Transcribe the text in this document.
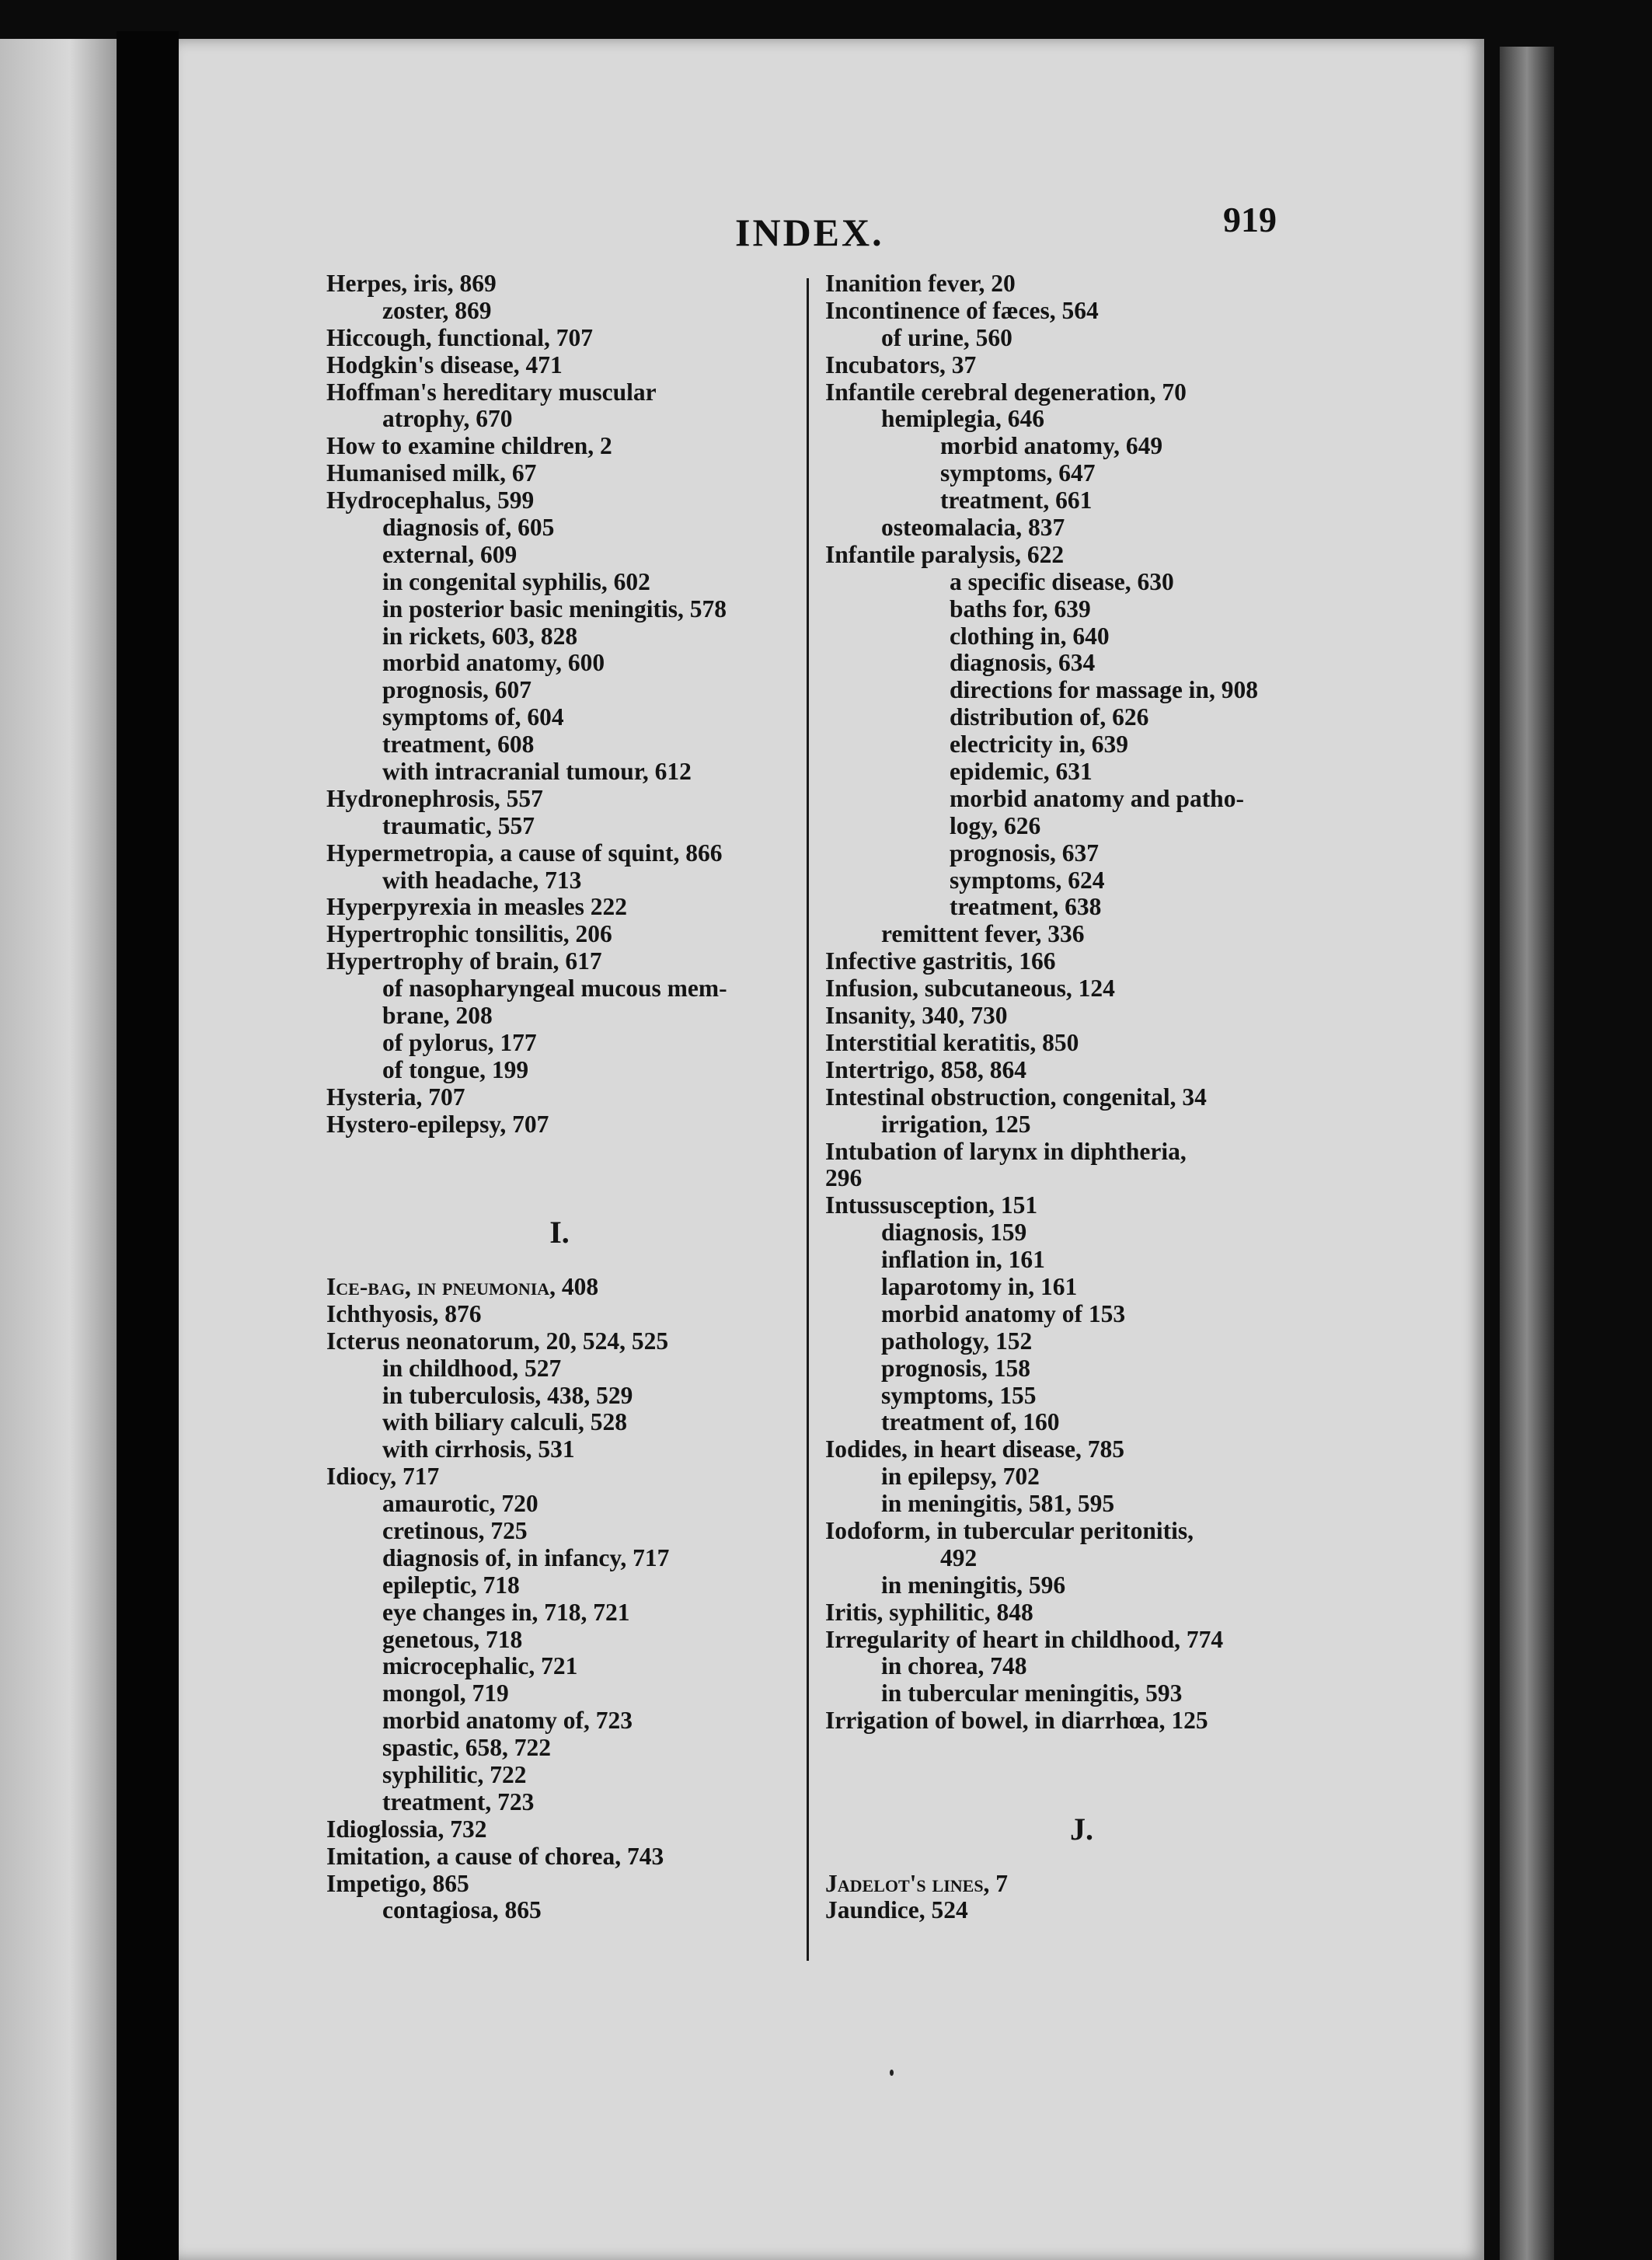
INDEX.	919
Herpes, iris, 869
zoster, 869
Hiccough, functional, 707
Hodgkin's disease, 471
Hoffman's hereditary muscular
atrophy, 670
How to examine children, 2
Humanised milk, 67
Hydrocephalus, 599
diagnosis of, 605
external, 609
in congenital syphilis, 602
in posterior basic meningitis, 578
in rickets, 603, 828
morbid anatomy, 600
prognosis, 607
symptoms of, 604
treatment, 608
with intracranial tumour, 612
Hydronephrosis, 557
traumatic, 557
Hypermetropia, a cause of squint, 866
with headache, 713
Hyperpyrexia in measles 222
Hypertrophic tonsilitis, 206
Hypertrophy of brain, 617
of nasopharyngeal mucous mem-
brane, 208
of pylorus, 177
of tongue, 199
Hysteria, 707
Hystero-epilepsy, 707
I.
Ice-bag, in pneumonia, 408
Ichthyosis, 876
Icterus neonatorum, 20, 524, 525
in childhood, 527
in tuberculosis, 438, 529
with biliary calculi, 528
with cirrhosis, 531
Idiocy, 717
amaurotic, 720
cretinous, 725
diagnosis of, in infancy, 717
epileptic, 718
eye changes in, 718, 721
genetous, 718
microcephalic, 721
mongol, 719
morbid anatomy of, 723
spastic, 658, 722
syphilitic, 722
treatment, 723
Idioglossia, 732
Imitation, a cause of chorea, 743
Impetigo, 865
contagiosa, 865
Inanition fever, 20
Incontinence of fæces, 564
of urine, 560
Incubators, 37
Infantile cerebral degeneration, 70
hemiplegia, 646
morbid anatomy, 649
symptoms, 647
treatment, 661
osteomalacia, 837
Infantile paralysis, 622
a specific disease, 630
baths for, 639
clothing in, 640
diagnosis, 634
directions for massage in, 908
distribution of, 626
electricity in, 639
epidemic, 631
morbid anatomy and patho-
logy, 626
prognosis, 637
symptoms, 624
treatment, 638
remittent fever, 336
Infective gastritis, 166
Infusion, subcutaneous, 124
Insanity, 340, 730
Interstitial keratitis, 850
Intertrigo, 858, 864
Intestinal obstruction, congenital, 34
irrigation, 125
Intubation of larynx in diphtheria,
296
Intussusception, 151
diagnosis, 159
inflation in, 161
laparotomy in, 161
morbid anatomy of 153
pathology, 152
prognosis, 158
symptoms, 155
treatment of, 160
Iodides, in heart disease, 785
in epilepsy, 702
in meningitis, 581, 595
Iodoform, in tubercular peritonitis,
492
in meningitis, 596
Iritis, syphilitic, 848
Irregularity of heart in childhood, 774
in chorea, 748
in tubercular meningitis, 593
Irrigation of bowel, in diarrhœa, 125
J.
Jadelot's lines, 7
Jaundice, 524
